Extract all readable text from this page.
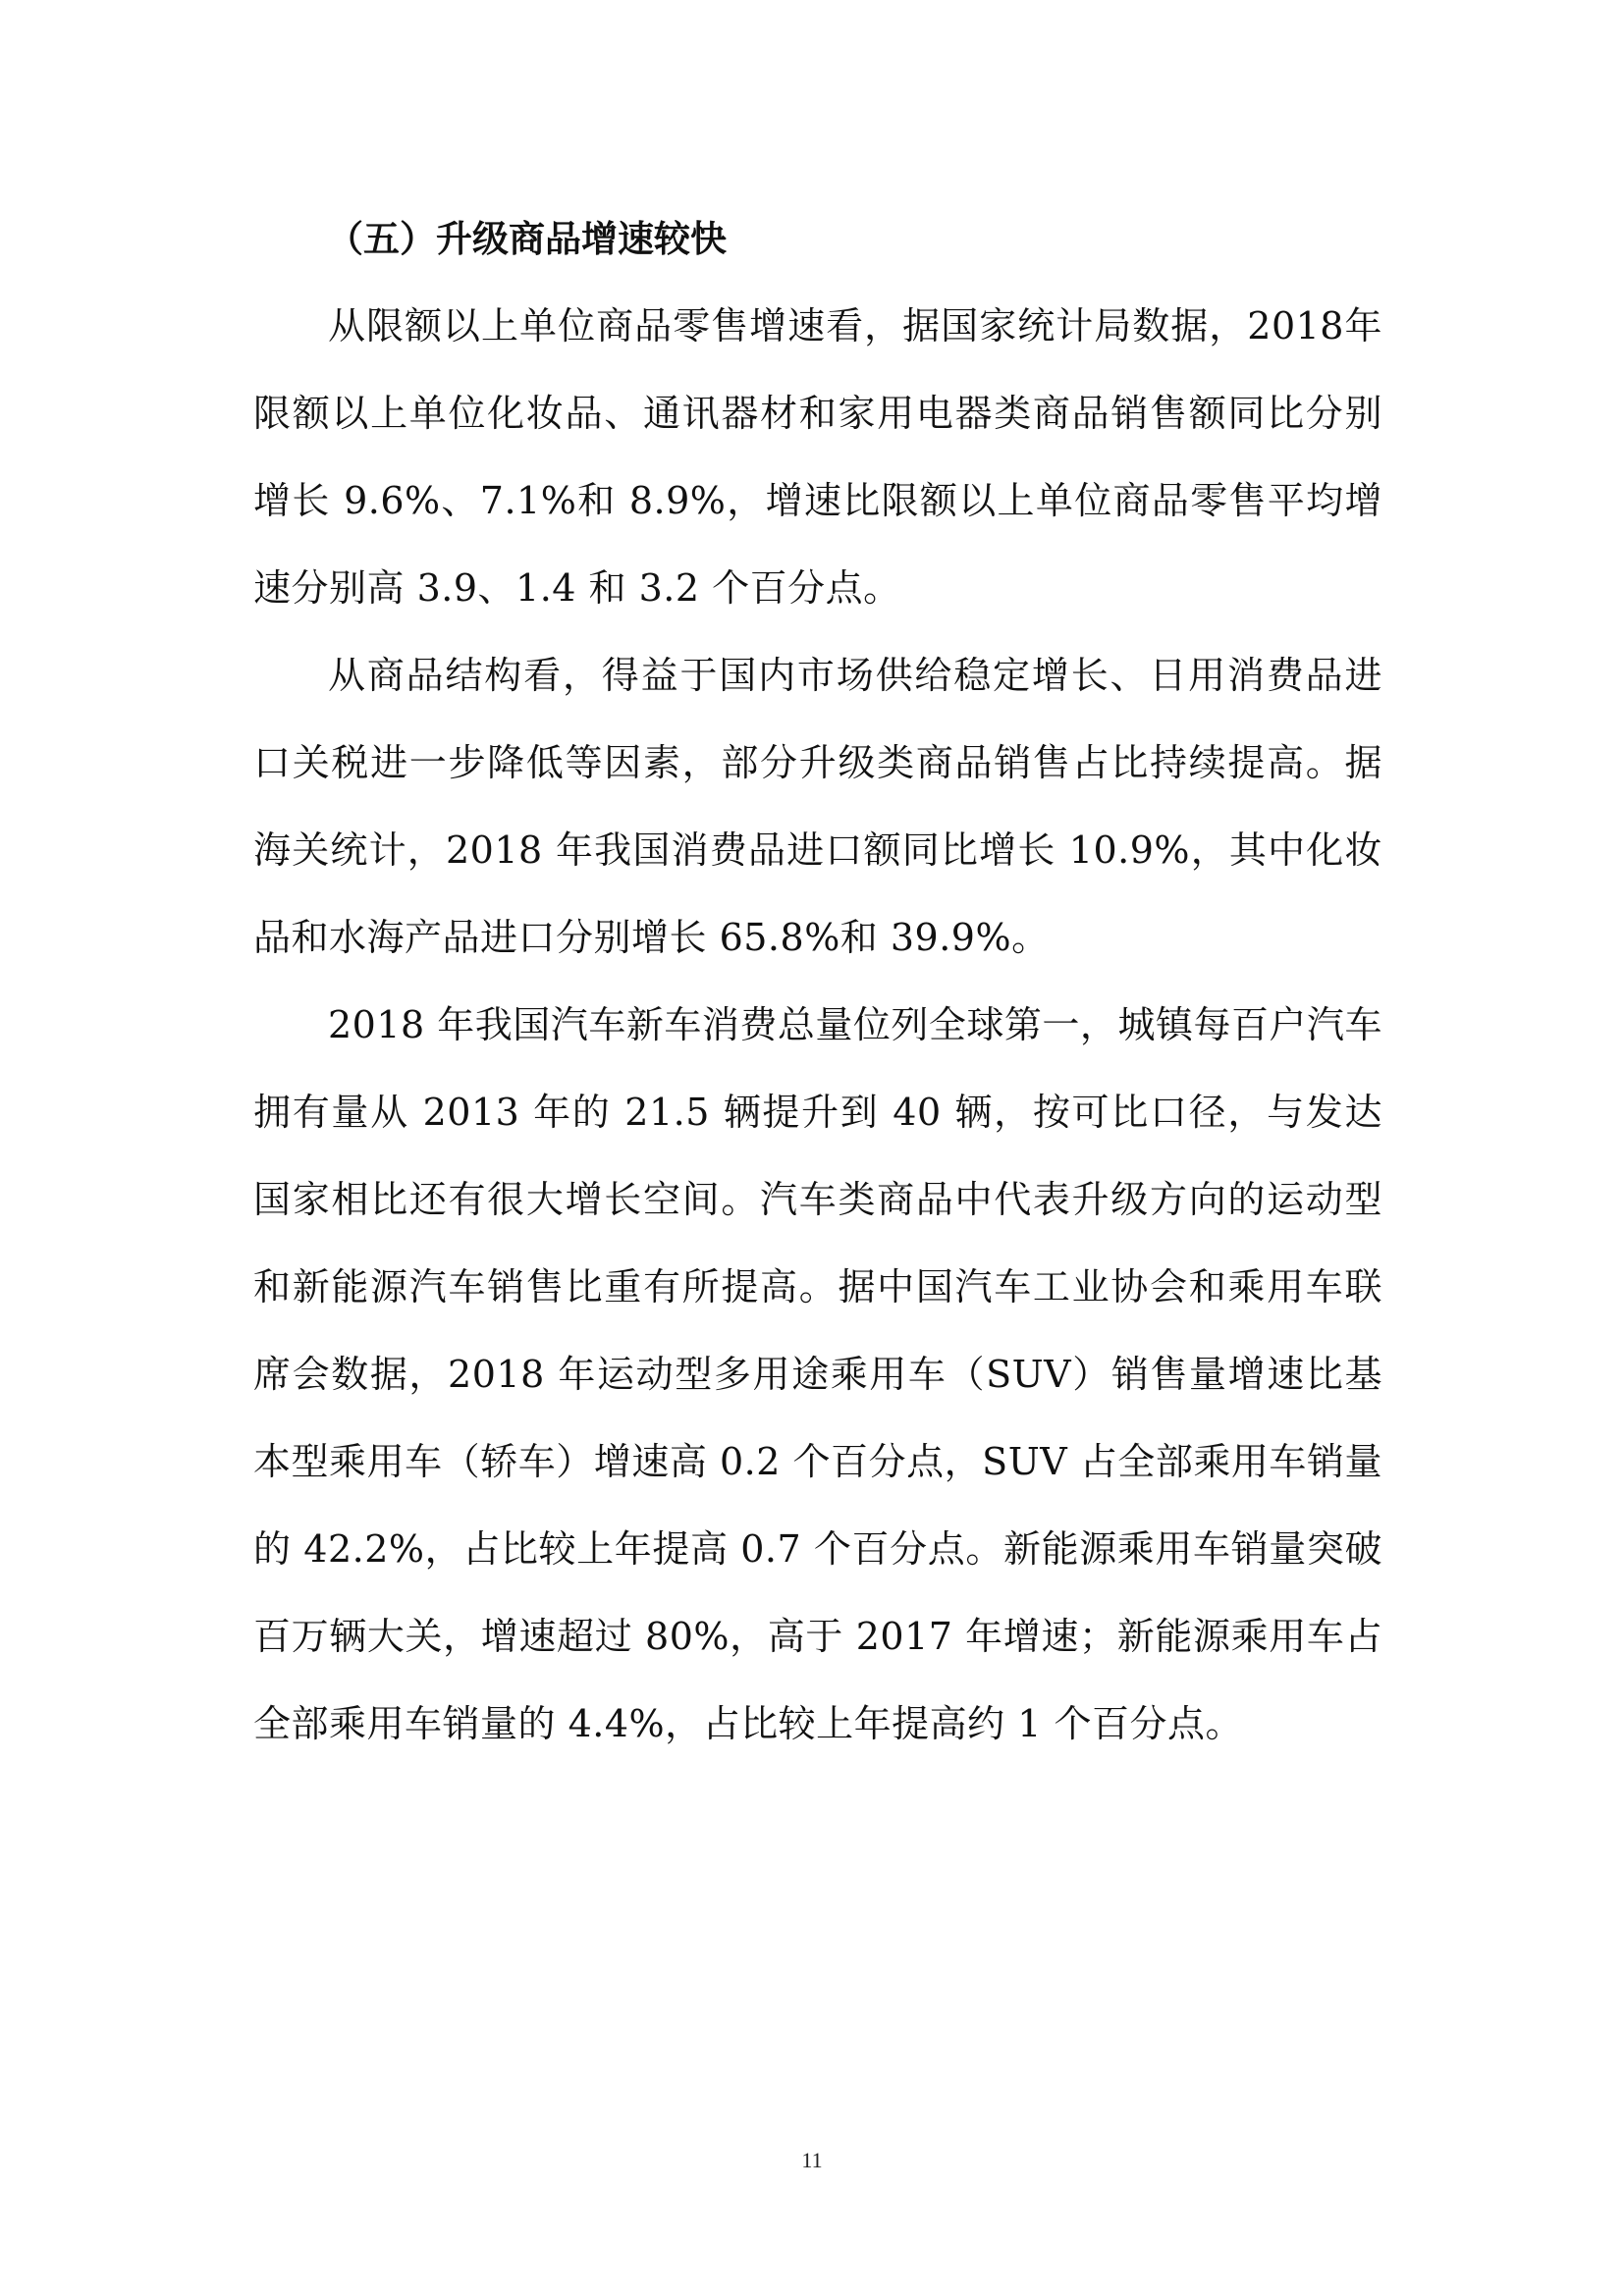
（五）升级商品增速较快

从限额以上单位商品零售增速看，据国家统计局数据，2018年限额以上单位化妆品、通讯器材和家用电器类商品销售额同比分别增长 9.6%、7.1%和 8.9%，增速比限额以上单位商品零售平均增速分别高 3.9、1.4 和 3.2 个百分点。

从商品结构看，得益于国内市场供给稳定增长、日用消费品进口关税进一步降低等因素，部分升级类商品销售占比持续提高。据海关统计，2018 年我国消费品进口额同比增长 10.9%，其中化妆品和水海产品进口分别增长 65.8%和 39.9%。

2018 年我国汽车新车消费总量位列全球第一，城镇每百户汽车拥有量从 2013 年的 21.5 辆提升到 40 辆，按可比口径，与发达国家相比还有很大增长空间。汽车类商品中代表升级方向的运动型和新能源汽车销售比重有所提高。据中国汽车工业协会和乘用车联席会数据，2018 年运动型多用途乘用车（SUV）销售量增速比基本型乘用车（轿车）增速高 0.2 个百分点，SUV 占全部乘用车销量的 42.2%，占比较上年提高 0.7 个百分点。新能源乘用车销量突破百万辆大关，增速超过 80%，高于 2017 年增速；新能源乘用车占全部乘用车销量的 4.4%，占比较上年提高约 1 个百分点。

11
